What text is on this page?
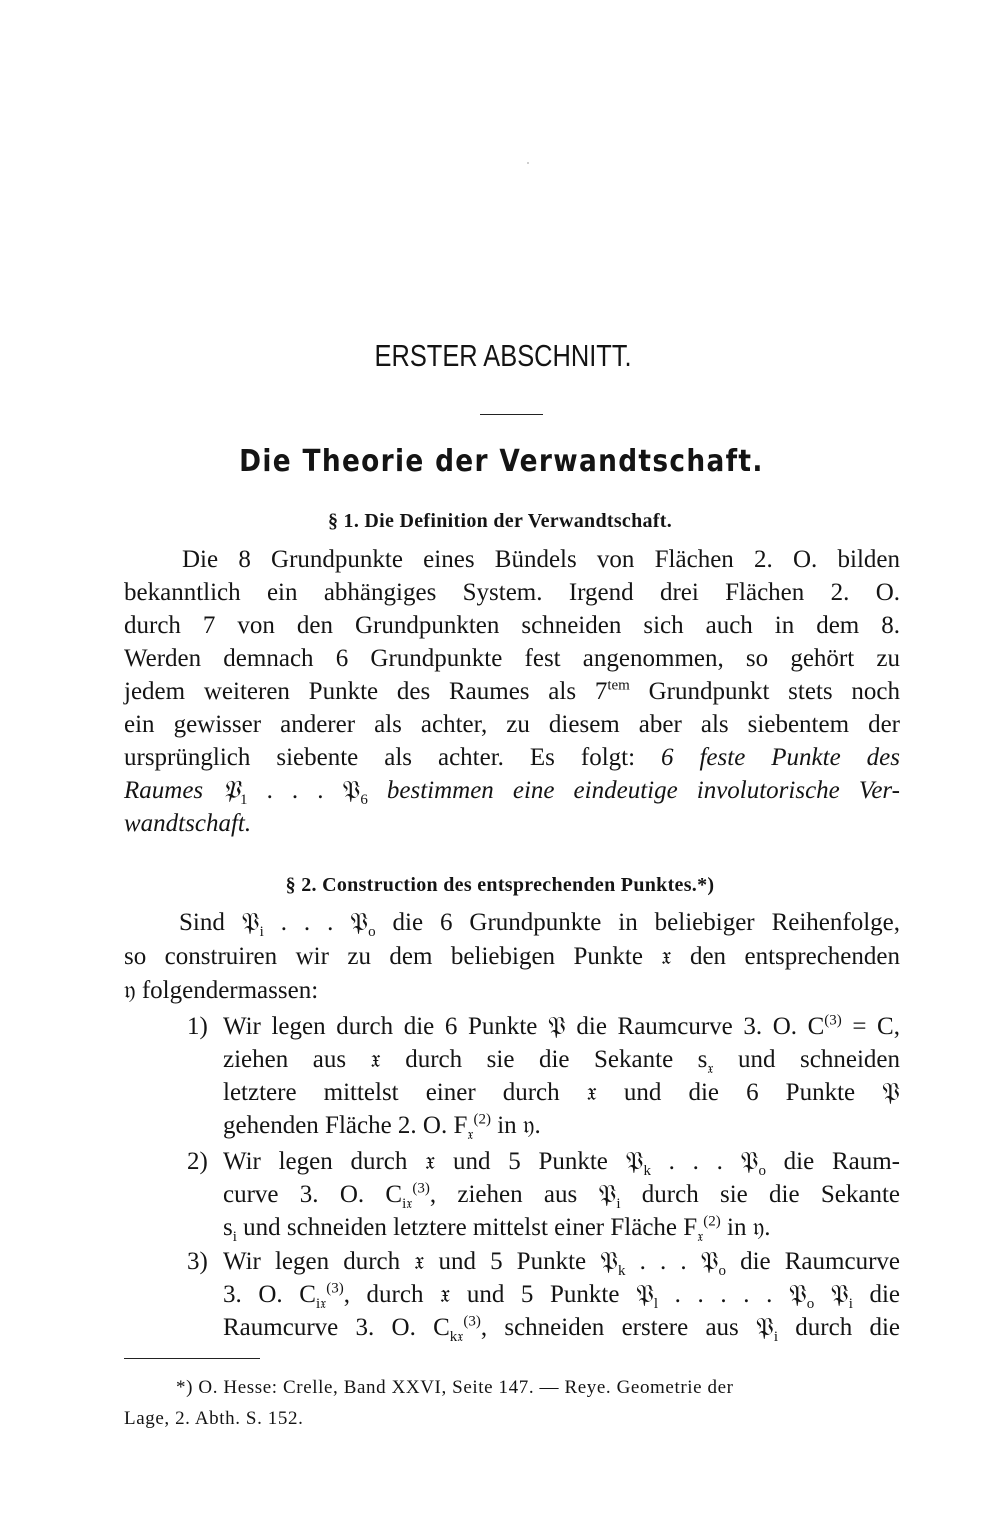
ERSTER ABSCHNITT.
Die Theorie der Verwandtschaft.
§ 1. Die Definition der Verwandtschaft.
Die 8 Grundpunkte eines Bündels von Flächen 2. O. bilden
bekanntlich ein abhängiges System. Irgend drei Flächen 2. O.
durch 7 von den Grundpunkten schneiden sich auch in dem 8.
Werden demnach 6 Grundpunkte fest angenommen, so gehört zu
jedem weiteren Punkte des Raumes als $7^{tem}$ Grundpunkt stets noch
ein gewisser anderer als achter, zu diesem aber als siebentem der
ursprünglich siebente als achter. Es folgt: 6 feste Punkte des
Raumes 𝔓$_1$ . . . 𝔓$_6$ bestimmen eine eindeutige involutorische Ver-
wandtschaft.
§ 2. Construction des entsprechenden Punktes.*)
Sind 𝔓$_i$ . . . 𝔓$_o$ die 6 Grundpunkte in beliebiger Reihenfolge,
so construiren wir zu dem beliebigen Punkte 𝔵 den entsprechenden
𝔶 folgendermassen:
1) Wir legen durch die 6 Punkte 𝔓 die Raumcurve 3. O. $C^{(3)} = C$,
ziehen aus 𝔵 durch sie die Sekante $s_𝔵$ und schneiden
letztere mittelst einer durch 𝔵 und die 6 Punkte 𝔓
gehenden Fläche 2. O. $F_𝔵^{(2)}$ in 𝔶.
2) Wir legen durch 𝔵 und 5 Punkte 𝔓$_k$ . . . 𝔓$_o$ die Raum-
curve 3. O. $C_{i𝔵}^{(3)}$, ziehen aus 𝔓$_i$ durch sie die Sekante
$s_i$ und schneiden letztere mittelst einer Fläche $F_𝔵^{(2)}$ in 𝔶.
3) Wir legen durch 𝔵 und 5 Punkte 𝔓$_k$ . . . 𝔓$_o$ die Raumcurve
3. O. $C_{i𝔵}^{(3)}$, durch 𝔵 und 5 Punkte 𝔓$_l$ . . . . . 𝔓$_o$ 𝔓$_i$ die
Raumcurve 3. O. $C_{k𝔵}^{(3)}$, schneiden erstere aus 𝔓$_i$ durch die
*) O. Hesse: Crelle, Band XXVI, Seite 147. — Reye. Geometrie der
Lage, 2. Abth. S. 152.
